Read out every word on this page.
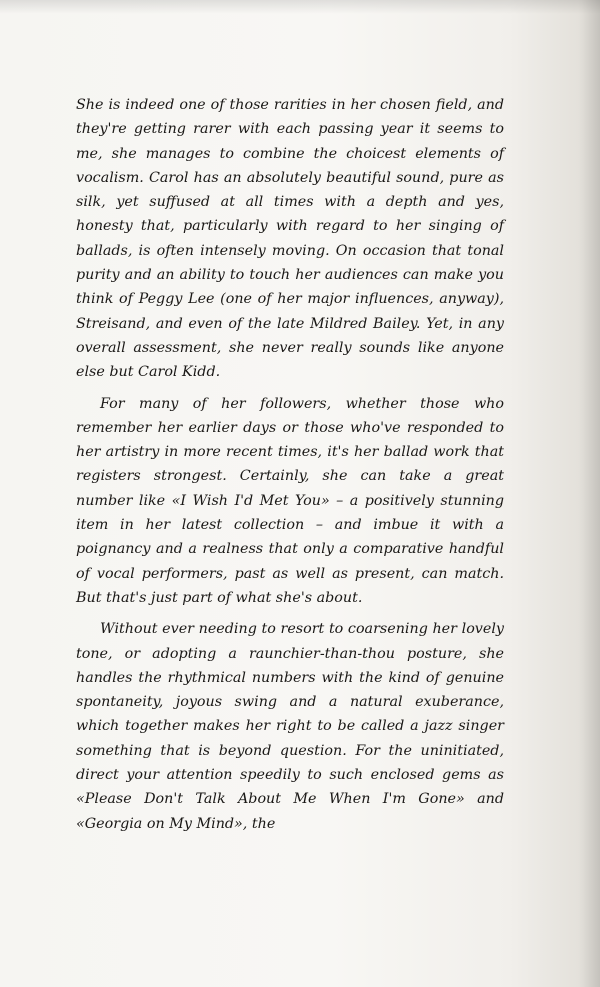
She is indeed one of those rarities in her chosen field, and they're getting rarer with each passing year it seems to me, she manages to combine the choicest elements of vocalism. Carol has an absolutely beautiful sound, pure as silk, yet suffused at all times with a depth and yes, honesty that, particularly with regard to her singing of ballads, is often intensely moving. On occasion that tonal purity and an ability to touch her audiences can make you think of Peggy Lee (one of her major influences, anyway), Streisand, and even of the late Mildred Bailey. Yet, in any overall assessment, she never really sounds like anyone else but Carol Kidd.

For many of her followers, whether those who remember her earlier days or those who've responded to her artistry in more recent times, it's her ballad work that registers strongest. Certainly, she can take a great number like «I Wish I'd Met You» – a positively stunning item in her latest collection – and imbue it with a poignancy and a realness that only a comparative handful of vocal performers, past as well as present, can match. But that's just part of what she's about.

Without ever needing to resort to coarsening her lovely tone, or adopting a raunchier-than-thou posture, she handles the rhythmical numbers with the kind of genuine spontaneity, joyous swing and a natural exuberance, which together makes her right to be called a jazz singer something that is beyond question. For the uninitiated, direct your attention speedily to such enclosed gems as «Please Don't Talk About Me When I'm Gone» and «Georgia on My Mind», the
